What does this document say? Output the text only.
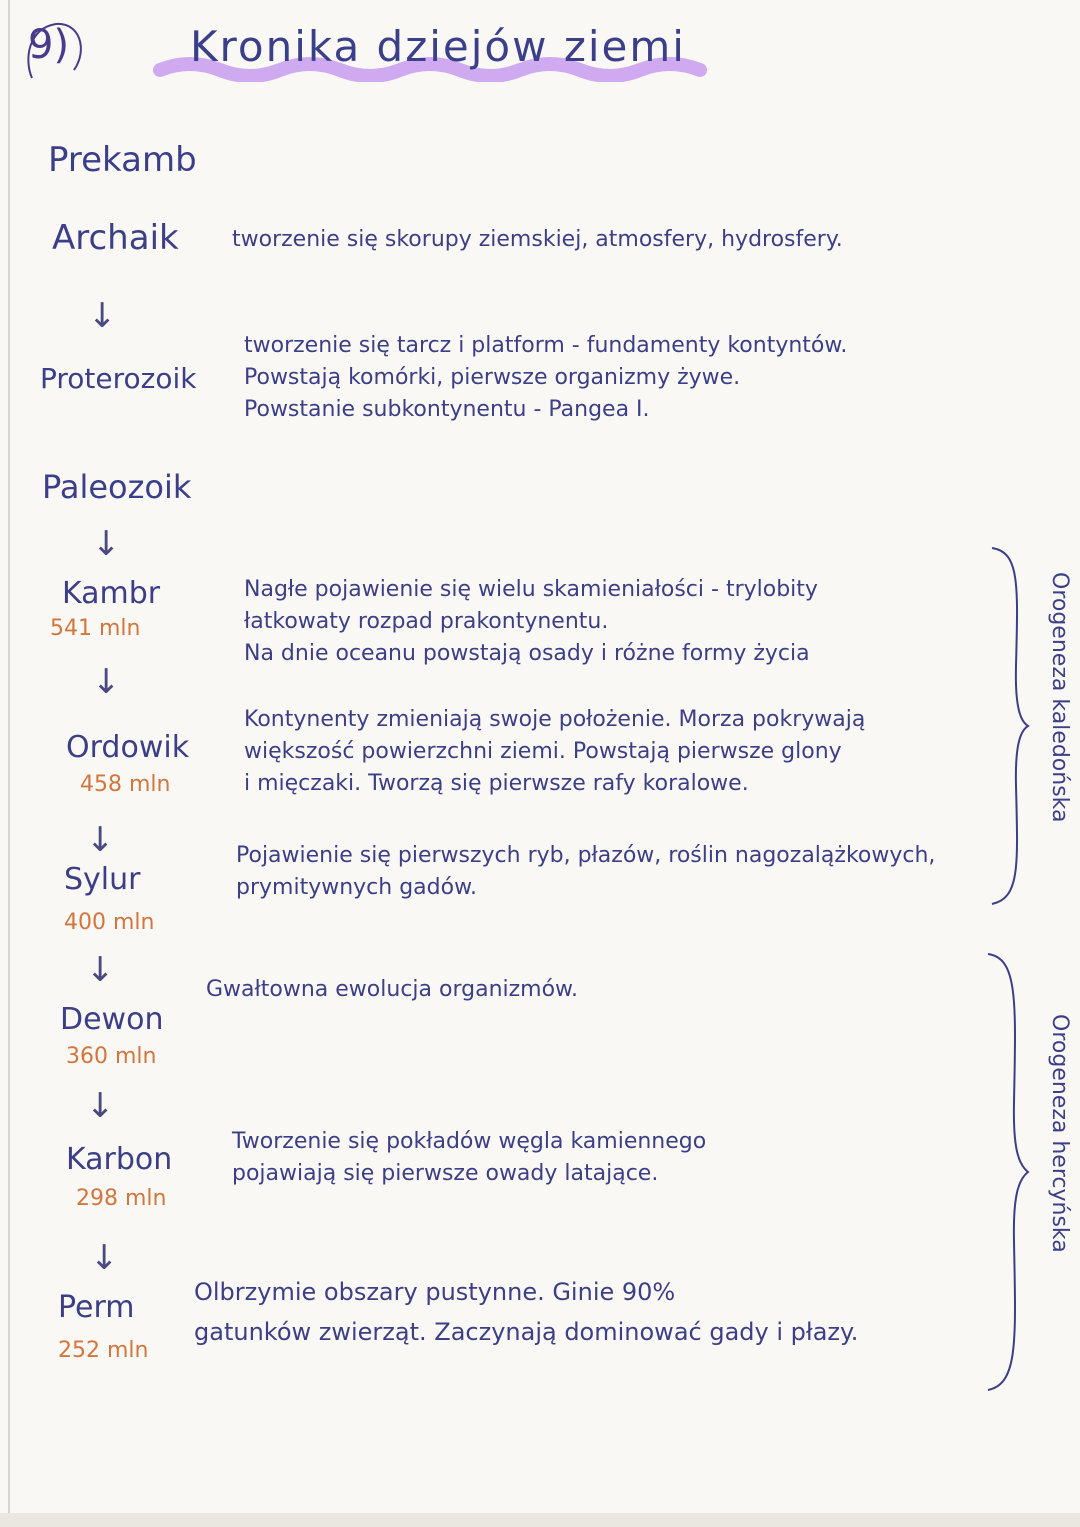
9)	Kronika dziejów ziemi
Prekamb
Archaik tworzenie się skorupy ziemskiej, atmosfery, hydrosfery.
↓
Proterozoik
tworzenie się tarcz i platform - fundamenty kontyntów.
Powstają komórki, pierwsze organizmy żywe.
Powstanie subkontynentu - Pangea I.
Paleozoik
↓
Kambr
541 mln
Nagłe pojawienie się wielu skamieniałości - trylobity
łatkowaty rozpad prakontynentu.
Na dnie oceanu powstają osady i różne formy życia
↓
Ordowik
458 mln
Kontynenty zmieniają swoje położenie. Morza pokrywają
większość powierzchni ziemi. Powstają pierwsze glony
i mięczaki. Tworzą się pierwsze rafy koralowe.
↓
Sylur
400 mln
Pojawienie się pierwszych ryb, płazów, roślin nagozalążkowych,
prymitywnych gadów.
↓
Dewon
360 mln
Gwałtowna ewolucja organizmów.
↓
Karbon
298 mln
Tworzenie się pokładów węgla kamiennego
pojawiają się pierwsze owady latające.
↓
Perm
252 mln
Olbrzymie obszary pustynne. Ginie 90%
gatunków zwierząt. Zaczynają dominować gady i płazy.
Orogeneza kaledońska
Orogeneza hercyńska
